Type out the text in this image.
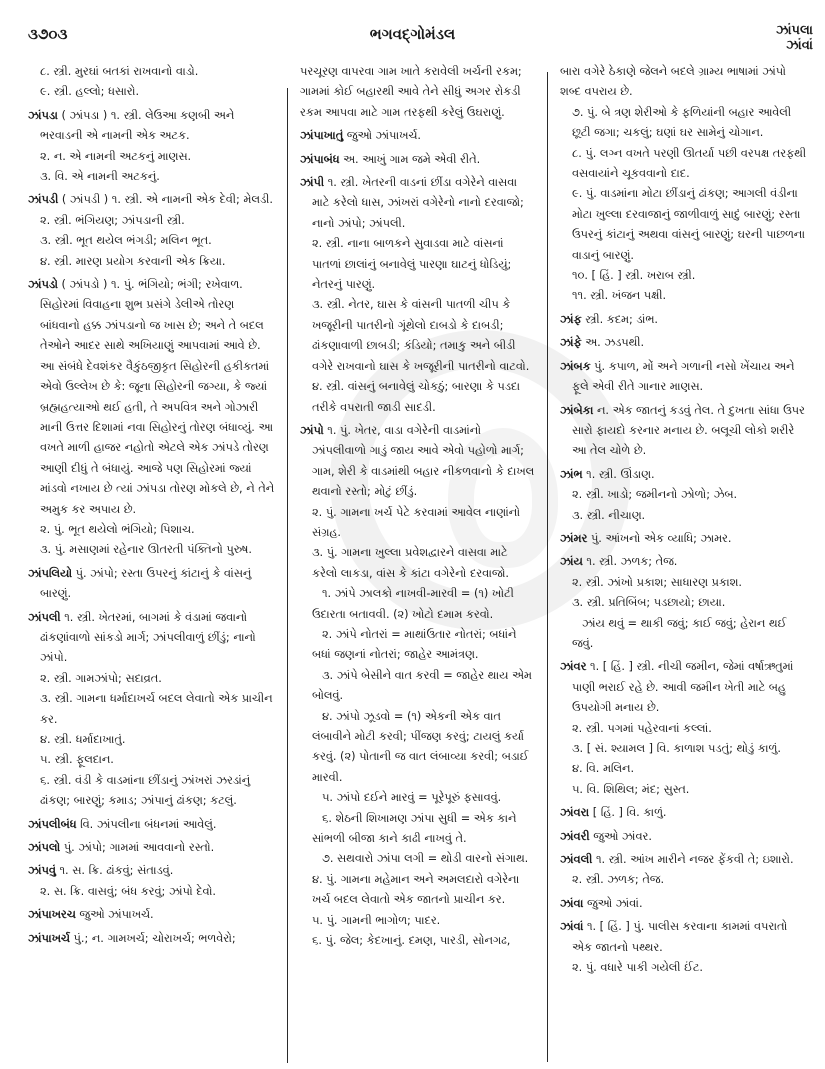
૩૭૦૩	ભગવદ્ગોમંડલ	ઝાંપલા
ઝાંવાં

૮. સ્ત્રી. મુરઘાં બતકાં રાખવાનો વાડો.

૯. સ્ત્રી. હલ્લો; ધસારો.

ઝાંપડા ( ઝાંપડા ) ૧. સ્ત્રી. લેઉઆ કણબી અને ભરવાડની એ નામની એક અટક.

૨. ન. એ નામની અટકનું માણસ.

૩. વિ. એ નામની અટકનું.

ઝાંપડી ( ઝાંપડી ) ૧. સ્ત્રી. એ નામની એક દેવી; મેલડી.

૨. સ્ત્રી. ભંગિયણ; ઝાંપડાની સ્ત્રી.

૩. સ્ત્રી. ભૂત થયેલ ભંગડી; મલિન ભૂત.

૪. સ્ત્રી. મારણ પ્રયોગ કરવાની એક ક્રિયા.

ઝાંપડો ( ઝાંપડો ) ૧. પું. ભંગિયો; ભંગી; રખેવાળ. સિહોરમાં વિવાહના શુભ પ્રસંગે ડેલીએ તોરણ બાંધવાનો હક્ક ઝાંપડાનો જ ખાસ છે; અને તે બદલ તેઓને આદર સાથે અખિયાણું આપવામાં આવે છે. આ સંબંધે દેવશંકર વૈકુંઠજીકૃત સિહોરની હકીકતમાં એવો ઉલ્લેખ છે કે: જૂના સિહોરની જગ્યા, કે જ્યાં બ્રહ્મહત્યાઓ થઈ હતી, તે અપવિત્ર અને ગોઝારી માની ઉત્તર દિશામાં નવા સિહોરનું તોરણ બંધાવ્યું. આ વખતે માળી હાજર નહોતો એટલે એક ઝાંપડે તોરણ આણી દીધું તે બંધાયું. આજે પણ સિહોરમાં જ્યાં માંડવો નખાય છે ત્યાં ઝાંપડા તોરણ મોકલે છે, ને તેને અમુક કર અપાય છે.

૨. પું. ભૂત થયેલો ભંગિયો; પિશાચ.

૩. પું. મસાણમાં રહેનાર ઊતરતી પંક્તિનો પુરુષ.

ઝાંપલિયો પું. ઝાંપો; રસ્તા ઉપરનું કાંટાનું કે વાંસનું બારણું.

ઝાંપલી ૧. સ્ત્રી. ખેતરમાં, બાગમાં કે વંડામાં જવાનો ઢાંકણાંવાળો સાંકડો માર્ગ; ઝાંપલીવાળું છીંડું; નાનો ઝાંપો.

૨. સ્ત્રી. ગામઝાંપો; સદાવ્રત.

૩. સ્ત્રી. ગામના ધર્માદાખર્ચ બદલ લેવાતો એક પ્રાચીન કર.

૪. સ્ત્રી. ધર્માદાખાતું.

૫. સ્ત્રી. ફૂલદાન.

૬. સ્ત્રી. વંડી કે વાડમાંના છીંડાનું ઝાંખરાં ઝરડાંનું ઢાંકણ; બારણું; કમાડ; ઝાંપાનું ઢાંકણ; કટલું.

ઝાંપલીબંધ વિ. ઝાંપલીના બંધનમાં આવેલું.

ઝાંપલો પું. ઝાંપો; ગામમાં આવવાનો રસ્તો.

ઝાંપવું ૧. સ. ક્રિ. ઢાંકવું; સંતાડવું.

૨. સ. ક્રિ. વાસવું; બંધ કરવું; ઝાંપો દેવો.

ઝાંપાખરચ જુઓ ઝાંપાખર્ચ.

ઝાંપાખર્ચ પું.; ન. ગામખર્ચ; ચોરાખર્ચ; ભળવેરો;

પરચૂરણ વાપરવા ગામ ખાતે કરાવેલી ખર્ચની રકમ; ગામમાં કોઈ બહારથી આવે તેને સીધું અગર રોકડી રકમ આપવા માટે ગામ તરફથી કરેલું ઉઘરાણું.

ઝાંપાખાતું જુઓ ઝાંપાખર્ચ.

ઝાંપાબંધ અ. આખું ગામ જમે એવી રીતે.

ઝાંપી ૧. સ્ત્રી. ખેતરની વાડનાં છીંડા વગેરેને વાસવા માટે કરેલો ધાસ, ઝાંખરાં વગેરેનો નાનો દરવાજો; નાનો ઝાંપો; ઝાંપલી.

૨. સ્ત્રી. નાના બાળકને સુવાડવા માટે વાંસનાં પાતળાં છાલાંનું બનાવેલું પારણા ઘાટનું ધોડિયું; નેતરનું પારણું.

૩. સ્ત્રી. નેતર, ઘાસ કે વાંસની પાતળી ચીપ કે ખજૂરીની પાતરીનો ગૂંથેલો દાબડો કે દાબડી; ઢાંકણાવાળી છાબડી; કંડિયો; તમાકુ અને બીડી વગેરે રાખવાનો ઘાસ કે ખજૂરીની પાતરીનો વાટવો.

૪. સ્ત્રી. વાંસનું બનાવેલું ચોકઠું; બારણા કે પડદા તરીકે વપરાતી જાડી સાદડી.

ઝાંપો ૧. પું. ખેતર, વાડા વગેરેની વાડમાંનો ઝાંપલીવાળો ગાડું જાય આવે એવો પહોળો માર્ગ; ગામ, શેરી કે વાડમાંથી બહાર નીકળવાનો કે દાખલ થવાનો રસ્તો; મોટું છીંડું.

૨. પું. ગામના ખર્ચ પેટે કરવામાં આવેલ નાણાંનો સંગ્રહ.

૩. પું. ગામના ખુલ્લા પ્રવેશદ્વારને વાસવા માટે કરેલો લાકડા, વાંસ કે કાંટા વગેરેનો દરવાજો.

૧. ઝાંપે ઝાલકો નાખવી-મારવી = (૧) ખોટી ઉદારતા બતાવવી. (૨) ખોટો દમામ કરવો.

૨. ઝાંપે નોતરાં = માથાંઉતાર નોતરાં; બધાંને બધાં જણનાં નોતરાં; જાહેર આમંત્રણ.

૩. ઝાંપે બેસીને વાત કરવી = જાહેર થાય એમ બોલવું.

૪. ઝાંપો ઝૂડવો = (૧) એકની એક વાત લંબાવીને મોટી કરવી; પીંજણ કરવું; ટાયલું કર્યા કરવું. (૨) પોતાની જ વાત લંબાવ્યા કરવી; બડાઈ મારવી.

૫. ઝાંપો દઈને મારવું = પૂરેપૂરું ફસાવવું.

૬. શેઠની શિખામણ ઝાંપા સુધી = એક કાને સાંભળી બીજા કાને કાઢી નાખવું તે.

૭. સથવારો ઝાંપા લગી = થોડી વારનો સંગાથ.

૪. પું. ગામના મહેમાન અને અમલદારો વગેરેના ખર્ચ બદલ લેવાતો એક જાતનો પ્રાચીન કર.

૫. પું. ગામની ભાગોળ; પાદર.

૬. પું. જેલ; કેદખાનું. દમણ, પારડી, સોનગઢ,

બારા વગેરે ઠેકાણે જેલને બદલે ગ્રામ્ય ભાષામાં ઝાંપો શબ્દ વપરાય છે.

૭. પું. બે ત્રણ શેરીઓ કે ફળિયાંની બહાર આવેલી છૂટી જગા; ચકલું; ઘણાં ઘર સામેનું ચોગાન.

૮. પું. લગ્ન વખતે પરણી ઊતર્યા પછી વરપક્ષ તરફથી વસવાયાંને ચૂકવવાનો દાદ.

૯. પું. વાડમાંના મોટા છીંડાનું ઢાંકણ; આગલી વંડીના મોટા ખુલ્લા દરવાજાનું જાળીવાળું સાદું બારણું; રસ્તા ઉપરનું કાંટાનું અથવા વાંસનું બારણું; ઘરની પાછળના વાડાનું બારણું.

૧૦. [ હિં. ] સ્ત્રી. ખરાબ સ્ત્રી.

૧૧. સ્ત્રી. ખંજન પક્ષી.

ઝાંફ સ્ત્રી. કદમ; ડાંભ.

ઝાંફે અ. ઝડપથી.

ઝાંબક પું. કપાળ, મોં અને ગળાની નસો ખેંચાય અને ફૂલે એવી રીતે ગાનાર માણસ.

ઝાંબેકા ન. એક જાતનું કડવું તેલ. તે દુખતા સાંધા ઉપર સારો ફાયદો કરનાર મનાય છે. બલૂચી લોકો શરીરે આ તેલ ચોળે છે.

ઝાંભ ૧. સ્ત્રી. ઊંડાણ.

૨. સ્ત્રી. ખાડો; જમીનનો ઝોળો; ઝેબ.

૩. સ્ત્રી. નીચાણ.

ઝાંમર પું. આંખનો એક વ્યાધિ; ઝામર.

ઝાંય ૧. સ્ત્રી. ઝળક; તેજ.

૨. સ્ત્રી. ઝાંખો પ્રકાશ; સાધારણ પ્રકાશ.

૩. સ્ત્રી. પ્રતિબિંબ; પડછાયો; છાયા.

ઝાંય થવું = થાકી જવું; કાઈ જવું; હેરાન થઈ જવું.

ઝાંવર ૧. [ હિં. ] સ્ત્રી. નીચી જમીન, જેમાં વર્ષાઋતુમાં પાણી ભરાઈ રહે છે. આવી જમીન ખેતી માટે બહુ ઉપયોગી મનાય છે.

૨. સ્ત્રી. પગમાં પહેરવાનાં કલ્લાં.

૩. [ સં. શ્યામલ ] વિ. કાળાશ પડતું; થોડું કાળું.

૪. વિ. મલિન.

૫. વિ. શિથિલ; મંદ; સુસ્ત.

ઝાંવરા [ હિં. ] વિ. કાળું.

ઝાંવરી જુઓ ઝાંવર.

ઝાંવલી ૧. સ્ત્રી. આંખ મારીને નજર ફેંકવી તે; ઇશારો.

૨. સ્ત્રી. ઝળક; તેજ.

ઝાંવા જુઓ ઝાંવાં.

ઝાંવાં ૧. [ હિં. ] પું. પાલીસ કરવાના કામમાં વપરાતો એક જાતનો પથ્થર.

૨. પું. વધારે પાકી ગયેલી ઈંટ.
